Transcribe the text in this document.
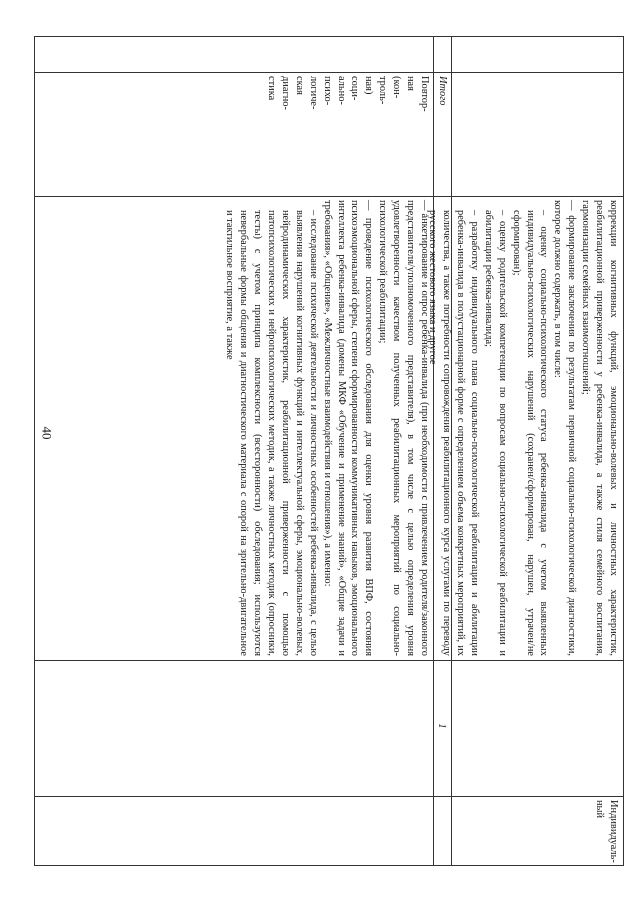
40	коррекции когнитивных функций, эмоционально-волевых и личностных характеристик, реабилитационной приверженности у ребенка-инвалида, а также стиля семейного воспитания, гармонизации семейных взаимоотношений;

— формирование заключения по результатам первичной социально-психологической диагностики, которое должно содержать, в том числе:

– оценку социально-психологического статуса ребенка-инвалида с учетом выявленных индивидуально-психологических нарушений (сохранен/сформирован, нарушен, утрачен/не сформирован);

– оценку родительской компетенции по вопросам социально-психологической реабилитации и абилитации ребенка-инвалида;

– разработку индивидуального плана социально-психологической реабилитации и абилитации ребенка-инвалида в полустационарной форме с определением объема конкретных мероприятий, их количества, а также потребности сопровождения реабилитационного курса услугами по переводу русского жестового языка и другое

1
Индивидуаль-ный
Итого
Повтор-
ная
(кон-
троль-
ная)
соци-
ально-
психо-
логиче-
ская
диагно-
стика

— анкетирование и опрос ребенка-инвалида (при необходимости с привлечением родителя/законного представителя/уполномоченного представителя), в том числе с целью определения уровня удовлетворенности качеством полученных реабилитационных мероприятий по социально-психологической реабилитации;

— проведение психологического обследования для оценки уровня развития ВПФ, состояния психоэмоциональной сферы, степени сформированности коммуникативных навыков, эмоционального интеллекта ребенка-инвалида (домены МКФ «Обучение и применение знаний», «Общие задачи и требования», «Общение», «Межличностные взаимодействия и отношения»), а именно:

– исследование психической деятельности и личностных особенностей ребенка-инвалида, с целью выявления нарушений когнитивных функций и интеллектуальной сферы, эмоционально-волевых, нейродинамических характеристик, реабилитационной приверженности с помощью патопсихологических и нейропсихологических методик, а также личностных методик (опросники, тесты) с учетом принципа комплексности (всесторонности) обследования; используются невербальные формы общения и диагностического материала с опорой на зрительно-двигательное и тактильное восприятие, а также
